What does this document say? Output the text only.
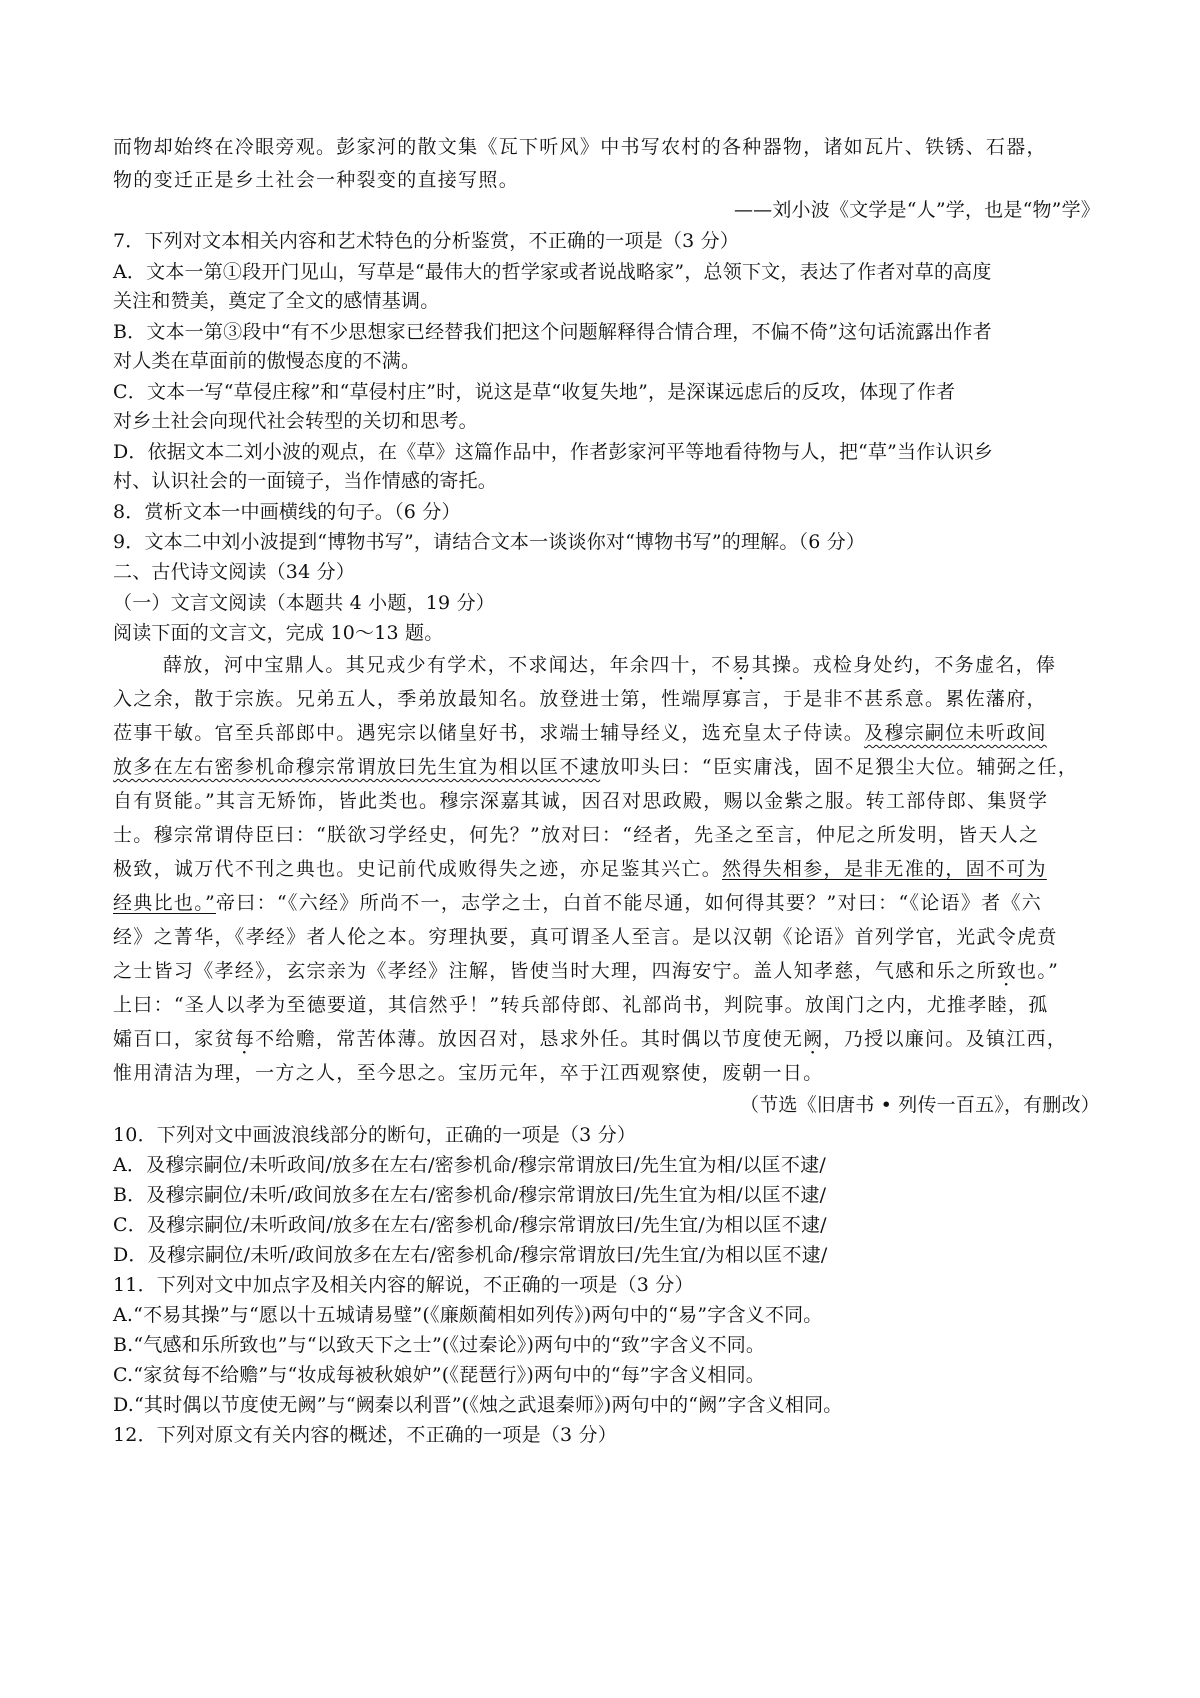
而物却始终在冷眼旁观。彭家河的散文集《瓦下听风》中书写农村的各种器物，诸如瓦片、铁锈、石器，
物的变迁正是乡土社会一种裂变的直接写照。
——刘小波《文学是“人”学，也是“物”学》
7．下列对文本相关内容和艺术特色的分析鉴赏，不正确的一项是（3 分）
A．文本一第①段开门见山，写草是“最伟大的哲学家或者说战略家”，总领下文，表达了作者对草的高度
关注和赞美，奠定了全文的感情基调。
B．文本一第③段中“有不少思想家已经替我们把这个问题解释得合情合理，不偏不倚”这句话流露出作者
对人类在草面前的傲慢态度的不满。
C．文本一写“草侵庄稼”和“草侵村庄”时，说这是草“收复失地”，是深谋远虑后的反攻，体现了作者
对乡土社会向现代社会转型的关切和思考。
D．依据文本二刘小波的观点，在《草》这篇作品中，作者彭家河平等地看待物与人，把“草”当作认识乡
村、认识社会的一面镜子，当作情感的寄托。
8．赏析文本一中画横线的句子。（6 分）
9．文本二中刘小波提到“博物书写”，请结合文本一谈谈你对“博物书写”的理解。（6 分）
二、古代诗文阅读（34 分）
（一）文言文阅读（本题共 4 小题，19 分）
阅读下面的文言文，完成 10～13 题。
薛放，河中宝鼎人。其兄戎少有学术，不求闻达，年余四十，不易其操。戎检身处约，不务虚名，俸
入之余，散于宗族。兄弟五人，季弟放最知名。放登进士第，性端厚寡言，于是非不甚系意。累佐藩府，
莅事干敏。官至兵部郎中。遇宪宗以储皇好书，求端士辅导经义，选充皇太子侍读。及穆宗嗣位未听政间
放多在左右密参机命穆宗常谓放曰先生宜为相以匡不逮放叩头曰：“臣实庸浅，固不足猥尘大位。辅弼之任，
自有贤能。”其言无矫饰，皆此类也。穆宗深嘉其诚，因召对思政殿，赐以金紫之服。转工部侍郎、集贤学
士。穆宗常谓侍臣曰：“朕欲习学经史，何先？”放对曰：“经者，先圣之至言，仲尼之所发明，皆天人之
极致，诚万代不刊之典也。史记前代成败得失之迹，亦足鉴其兴亡。然得失相参，是非无准的，固不可为
经典比也。”帝曰：“《六经》所尚不一，志学之士，白首不能尽通，如何得其要？”对曰：“《论语》者《六
经》之菁华，《孝经》者人伦之本。穷理执要，真可谓圣人至言。是以汉朝《论语》首列学官，光武令虎贲
之士皆习《孝经》，玄宗亲为《孝经》注解，皆使当时大理，四海安宁。盖人知孝慈，气感和乐之所致也。”
上曰：“圣人以孝为至德要道，其信然乎！”转兵部侍郎、礼部尚书，判院事。放闺门之内，尤推孝睦，孤
孀百口，家贫每不给赡，常苦体薄。放因召对，恳求外任。其时偶以节度使无阙，乃授以廉问。及镇江西，
惟用清洁为理，一方之人，至今思之。宝历元年，卒于江西观察使，废朝一日。
（节选《旧唐书 • 列传一百五》，有删改）
10．下列对文中画波浪线部分的断句，正确的一项是（3 分）
A．及穆宗嗣位/未听政间/放多在左右/密参机命/穆宗常谓放曰/先生宜为相/以匡不逮/
B．及穆宗嗣位/未听/政间放多在左右/密参机命/穆宗常谓放曰/先生宜为相/以匡不逮/
C．及穆宗嗣位/未听政间/放多在左右/密参机命/穆宗常谓放曰/先生宜/为相以匡不逮/
D．及穆宗嗣位/未听/政间放多在左右/密参机命/穆宗常谓放曰/先生宜/为相以匡不逮/
11．下列对文中加点字及相关内容的解说，不正确的一项是（3 分）
A.“不易其操”与“愿以十五城请易璧”(《廉颇蔺相如列传》)两句中的“易”字含义不同。
B.“气感和乐所致也”与“以致天下之士”(《过秦论》)两句中的“致”字含义不同。
C.“家贫每不给赡”与“妆成每被秋娘妒”(《琵琶行》)两句中的“每”字含义相同。
D.“其时偶以节度使无阙”与“阙秦以利晋”(《烛之武退秦师》)两句中的“阙”字含义相同。
12．下列对原文有关内容的概述，不正确的一项是（3 分）
